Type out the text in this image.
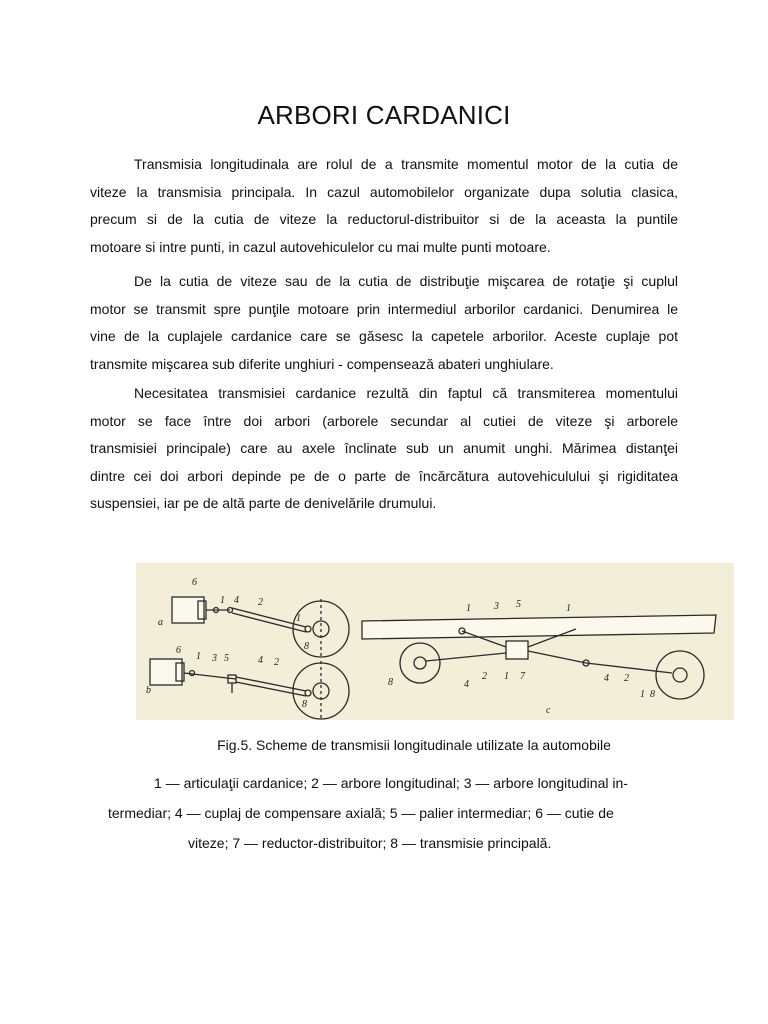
ARBORI CARDANICI

Transmisia longitudinala are rolul de a transmite momentul motor de la cutia de
viteze la transmisia principala. In cazul automobilelor organizate dupa solutia clasica,
precum si de la cutia de viteze la reductorul-distribuitor si de la aceasta la puntile
motoare si intre punti, in cazul autovehiculelor cu mai multe punti motoare.

De la cutia de viteze sau de la cutia de distribuţie mişcarea de rotaţie şi cuplul
motor se transmit spre punţile motoare prin intermediul arborilor cardanici. Denumirea le
vine de la cuplajele cardanice care se găsesc la capetele arborilor. Aceste cuplaje pot
transmite mişcarea sub diferite unghiuri - compensează abateri unghiulare.

Necesitatea transmisiei cardanice rezultă din faptul că transmiterea momentului
motor se face între doi arbori (arborele secundar al cutiei de viteze şi arborele
transmisiei principale) care au axele înclinate sub un anumit unghi. Mărimea distanţei
dintre cei doi arbori depinde pe de o parte de încărcătura autovehiculului şi rigiditatea
suspensiei, iar pe de altă parte de denivelările drumului.

6
1 4 2
1
8
a
6
1 3 5	4 2
8
b
1 3 5	1
8	4
2 1 7	4 2
1 8
c
Fig.5. Scheme de transmisii longitudinale utilizate la automobile
1 — articulaţii cardanice; 2 — arbore longitudinal; 3 — arbore longitudinal in-
termediar; 4 — cuplaj de compensare axială; 5 — palier intermediar; 6 — cutie de
viteze; 7 — reductor-distribuitor; 8 — transmisie principală.
